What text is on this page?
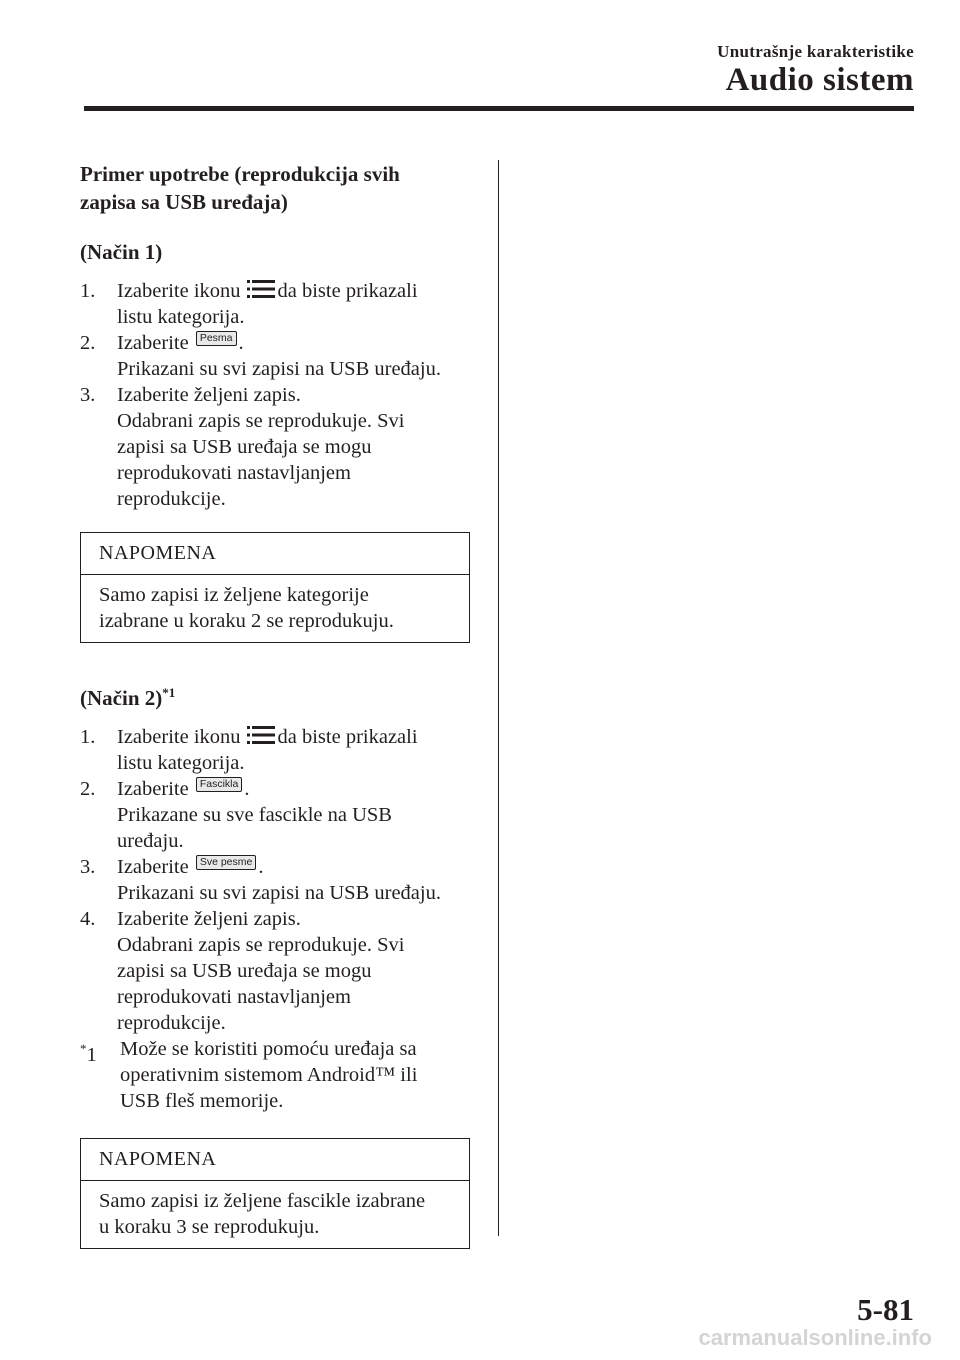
Unutrašnje karakteristike
Audio sistem

Primer upotrebe (reprodukcija svih
zapisa sa USB uređaja)

(Način 1)
1. Izaberite ikonu da biste prikazali
listu kategorija.
2. Izaberite Pesma .
Prikazani su svi zapisi na USB uređaju.
3. Izaberite željeni zapis.
Odabrani zapis se reprodukuje. Svi
zapisi sa USB uređaja se mogu
reprodukovati nastavljanjem
reprodukcije.
NAPOMENA
Samo zapisi iz željene kategorije
izabrane u koraku 2 se reprodukuju.
(Način 2)$^{*1}$
1. Izaberite ikonu da biste prikazali
listu kategorija.
2. Izaberite Fascikla .
Prikazane su sve fascikle na USB
uređaju.
3. Izaberite Sve pesme .
Prikazani su svi zapisi na USB uređaju.
4. Izaberite željeni zapis.
Odabrani zapis se reprodukuje. Svi
zapisi sa USB uređaja se mogu
reprodukovati nastavljanjem
reprodukcije.
*1 Može se koristiti pomoću uređaja sa
operativnim sistemom Android™ ili
USB fleš memorije.
NAPOMENA
Samo zapisi iz željene fascikle izabrane
u koraku 3 se reprodukuju.
5-81
carmanualsonline.info
